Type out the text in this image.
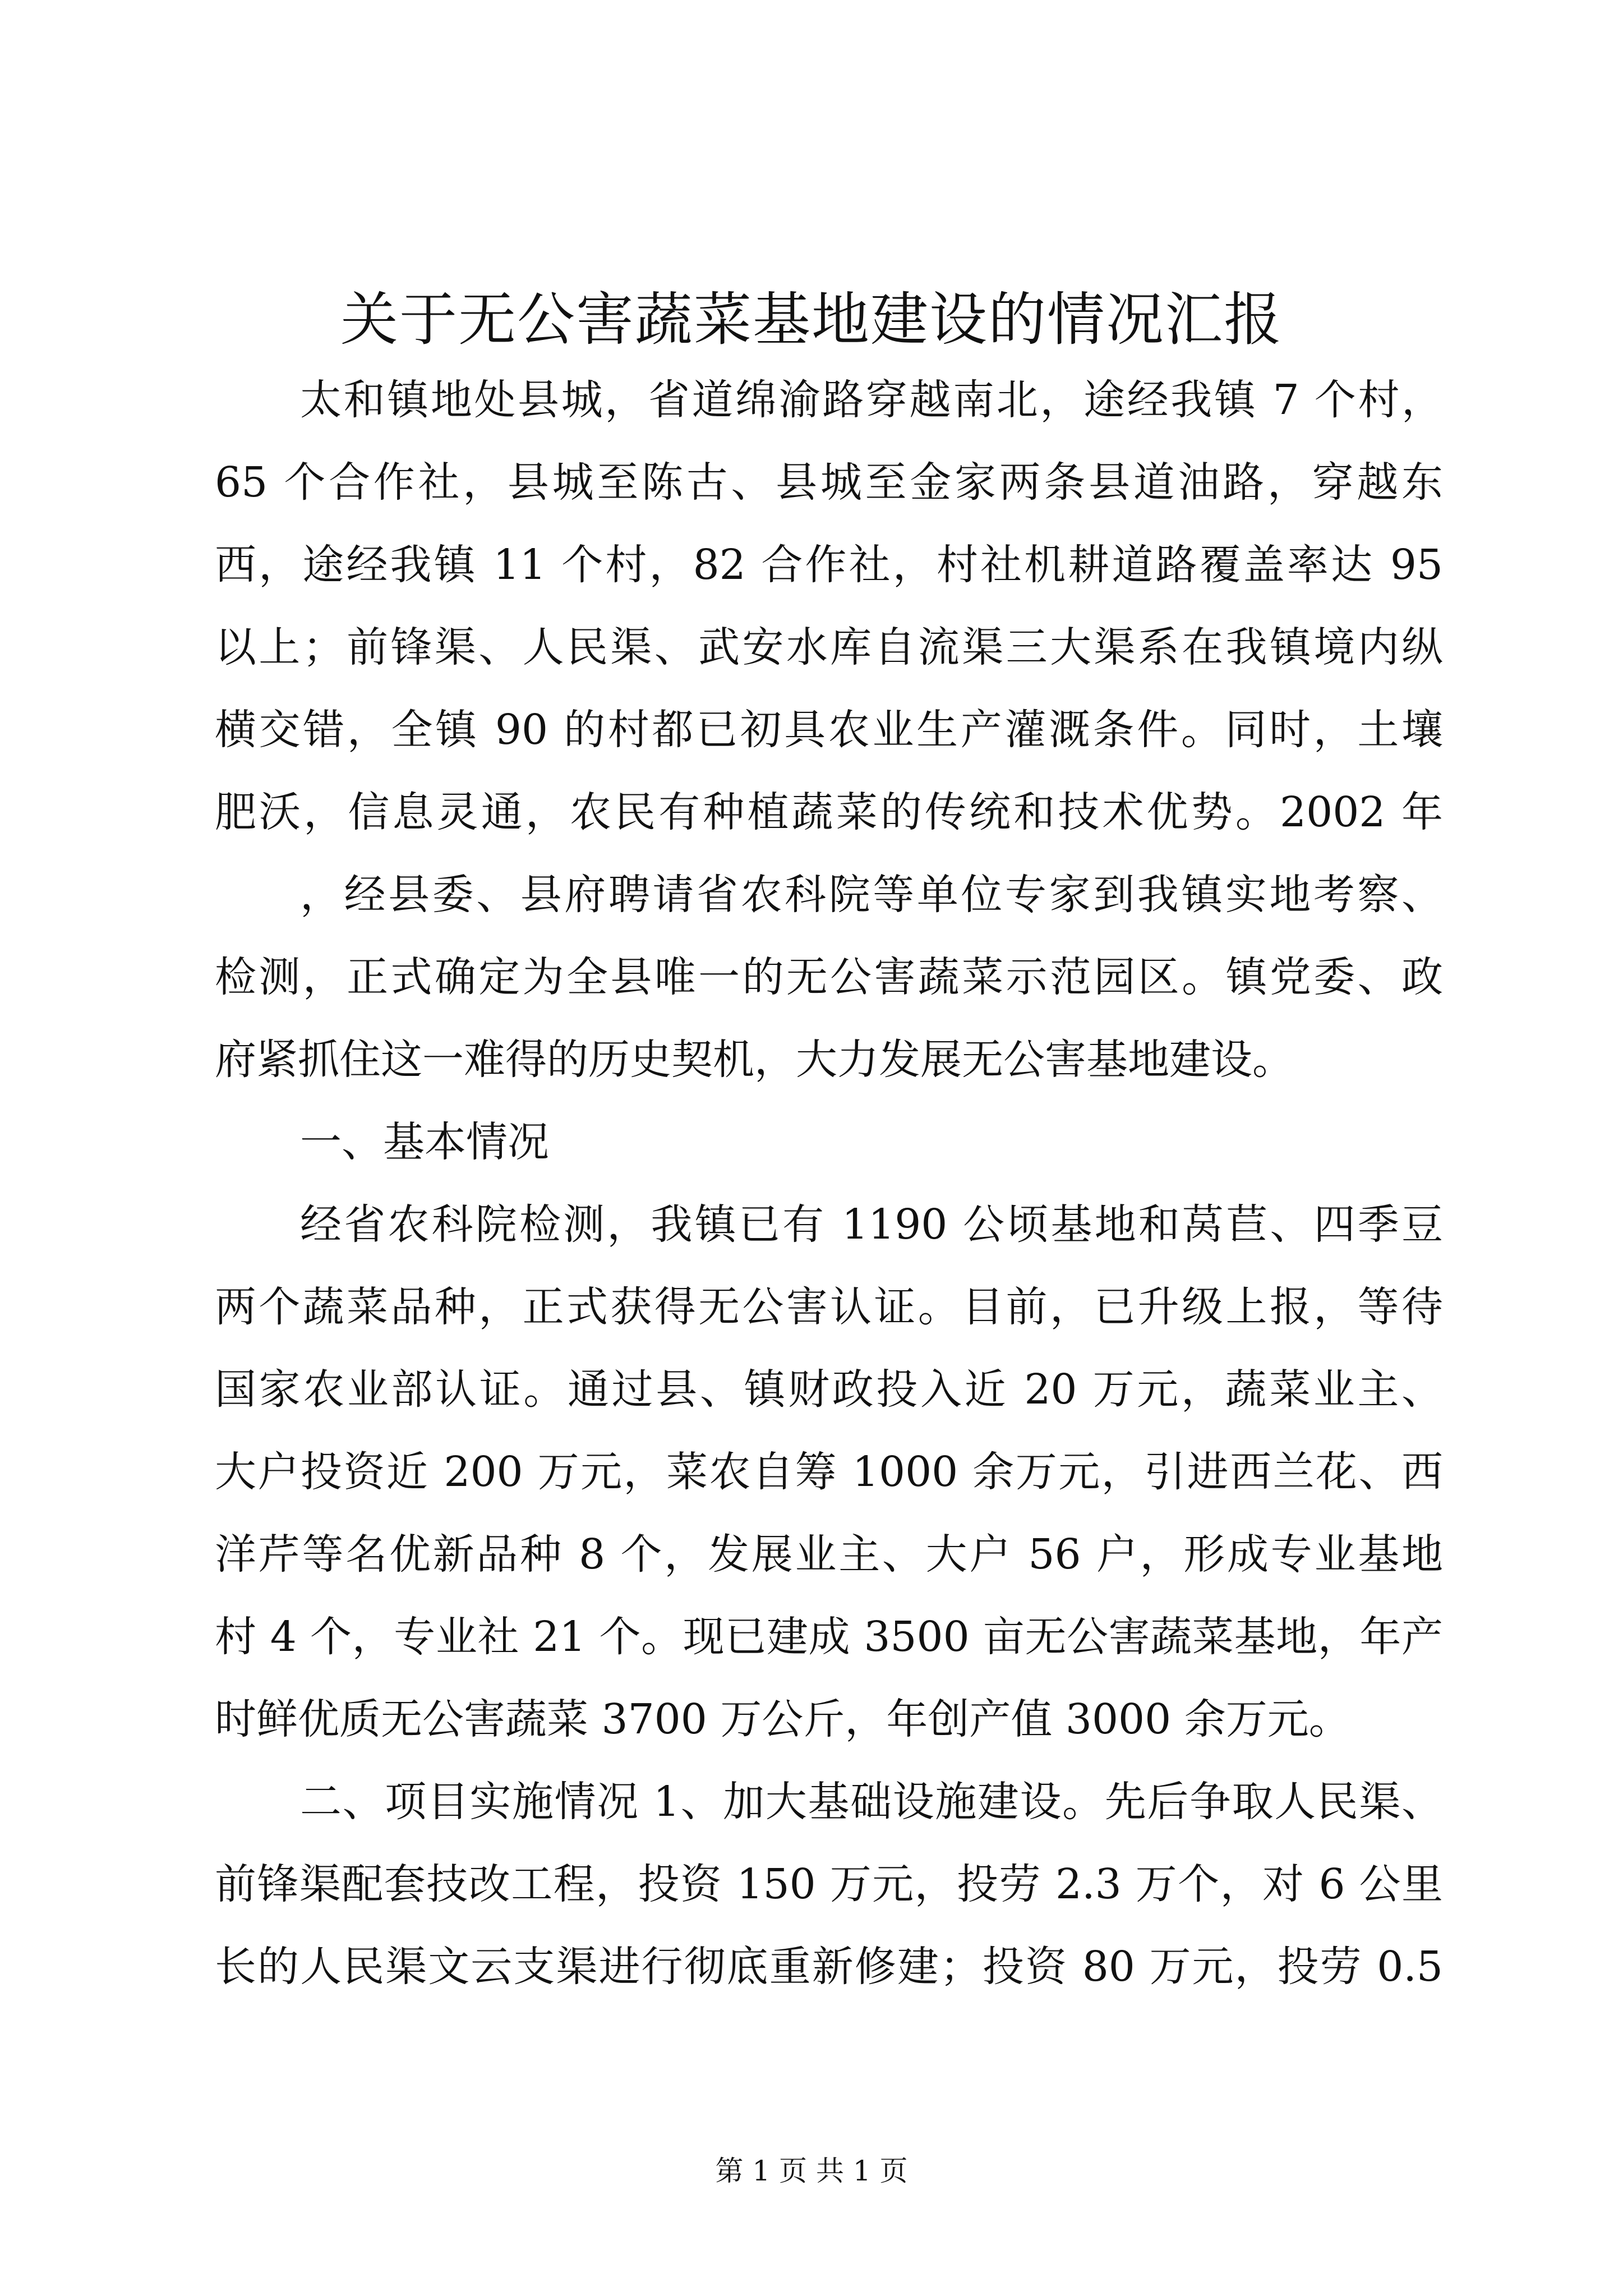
关于无公害蔬菜基地建设的情况汇报

太和镇地处县城，省道绵渝路穿越南北，途经我镇 7 个村，

65 个合作社，县城至陈古、县城至金家两条县道油路，穿越东

西，途经我镇 11 个村，82 合作社，村社机耕道路覆盖率达 95

以上；前锋渠、人民渠、武安水库自流渠三大渠系在我镇境内纵

横交错，全镇 90 的村都已初具农业生产灌溉条件。同时，土壤

肥沃，信息灵通，农民有种植蔬菜的传统和技术优势。2002 年

，经县委、县府聘请省农科院等单位专家到我镇实地考察、

检测，正式确定为全县唯一的无公害蔬菜示范园区。镇党委、政

府紧抓住这一难得的历史契机，大力发展无公害基地建设。

一、基本情况

经省农科院检测，我镇已有 1190 公顷基地和莴苣、四季豆

两个蔬菜品种，正式获得无公害认证。目前，已升级上报，等待

国家农业部认证。通过县、镇财政投入近 20 万元，蔬菜业主、

大户投资近 200 万元，菜农自筹 1000 余万元，引进西兰花、西

洋芹等名优新品种 8 个，发展业主、大户 56 户，形成专业基地

村 4 个，专业社 21 个。现已建成 3500 亩无公害蔬菜基地，年产

时鲜优质无公害蔬菜 3700 万公斤，年创产值 3000 余万元。

二、项目实施情况 1、加大基础设施建设。先后争取人民渠、

前锋渠配套技改工程，投资 150 万元，投劳 2.3 万个，对 6 公里

长的人民渠文云支渠进行彻底重新修建；投资 80 万元，投劳 0.5

第 1 页 共 1 页
